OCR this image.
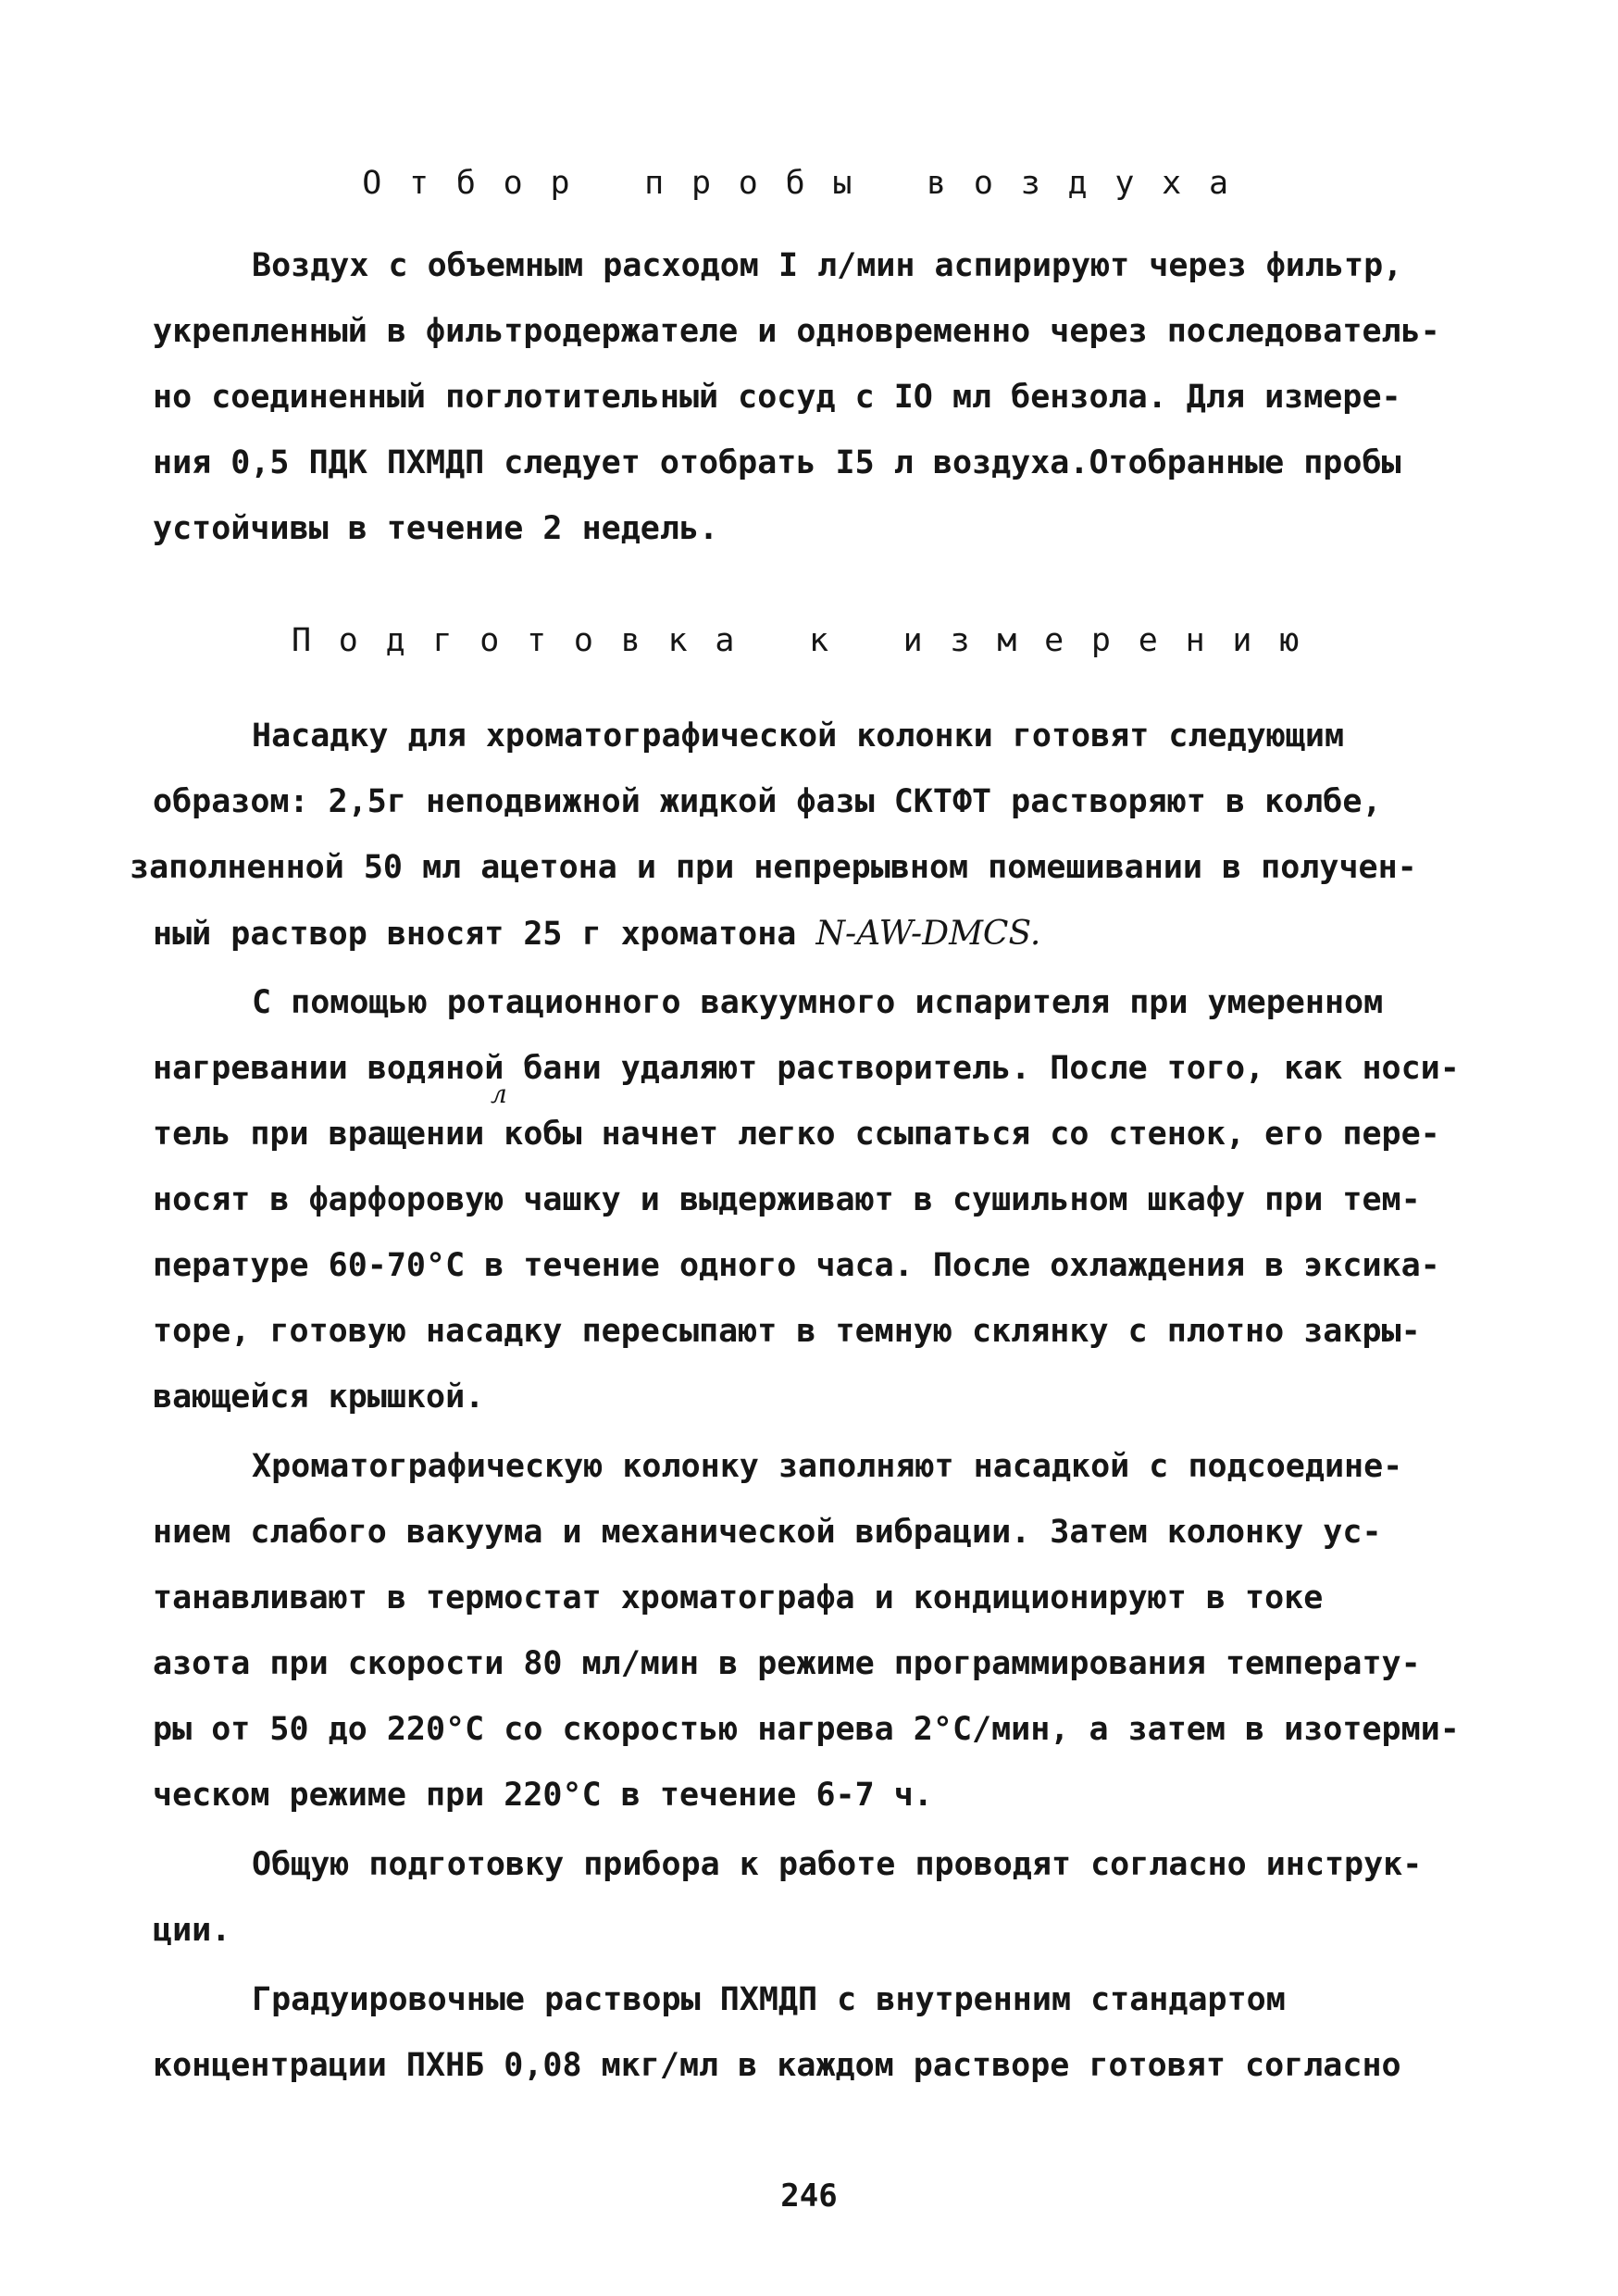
Отбор пробы воздуха
Воздух с объемным расходом I л/мин аспирируют через фильтр,
укрепленный в фильтродержателе и одновременно через последователь-
но соединенный поглотительный сосуд с IO мл бензола. Для измере-
ния 0,5 ПДК ПХМДП следует отобрать I5 л воздуха.Отобранные пробы
устойчивы в течение 2 недель.
Подготовка к измерению
Насадку для хроматографической колонки готовят следующим
образом: 2,5г неподвижной жидкой фазы СКТФТ растворяют в колбе,
заполненной 50 мл ацетона и при непрерывном помешивании в получен-
ный раствор вносят 25 г хроматона N-AW-DMCS.
С помощью ротационного вакуумного испарителя при умеренном
нагревании водяной бани удаляют растворитель. После того, как носи-
л
тель при вращении кобы начнет легко ссыпаться со стенок, его пере-
носят в фарфоровую чашку и выдерживают в сушильном шкафу при тем-
пературе 60-70°С в течение одного часа. После охлаждения в эксика-
торе, готовую насадку пересыпают в темную склянку с плотно закры-
вающейся крышкой.
Хроматографическую колонку заполняют насадкой с подсоедине-
нием слабого вакуума и механической вибрации. Затем колонку ус-
танавливают в термостат хроматографа и кондиционируют в токе
азота при скорости 80 мл/мин в режиме программирования температу-
ры от 50 до 220°С со скоростью нагрева 2°С/мин, а затем в изотерми-
ческом режиме при 220°С в течение 6-7 ч.
Общую подготовку прибора к работе проводят согласно инструк-
ции.
Градуировочные растворы ПХМДП с внутренним стандартом
концентрации ПХНБ 0,08 мкг/мл в каждом растворе готовят согласно
246
